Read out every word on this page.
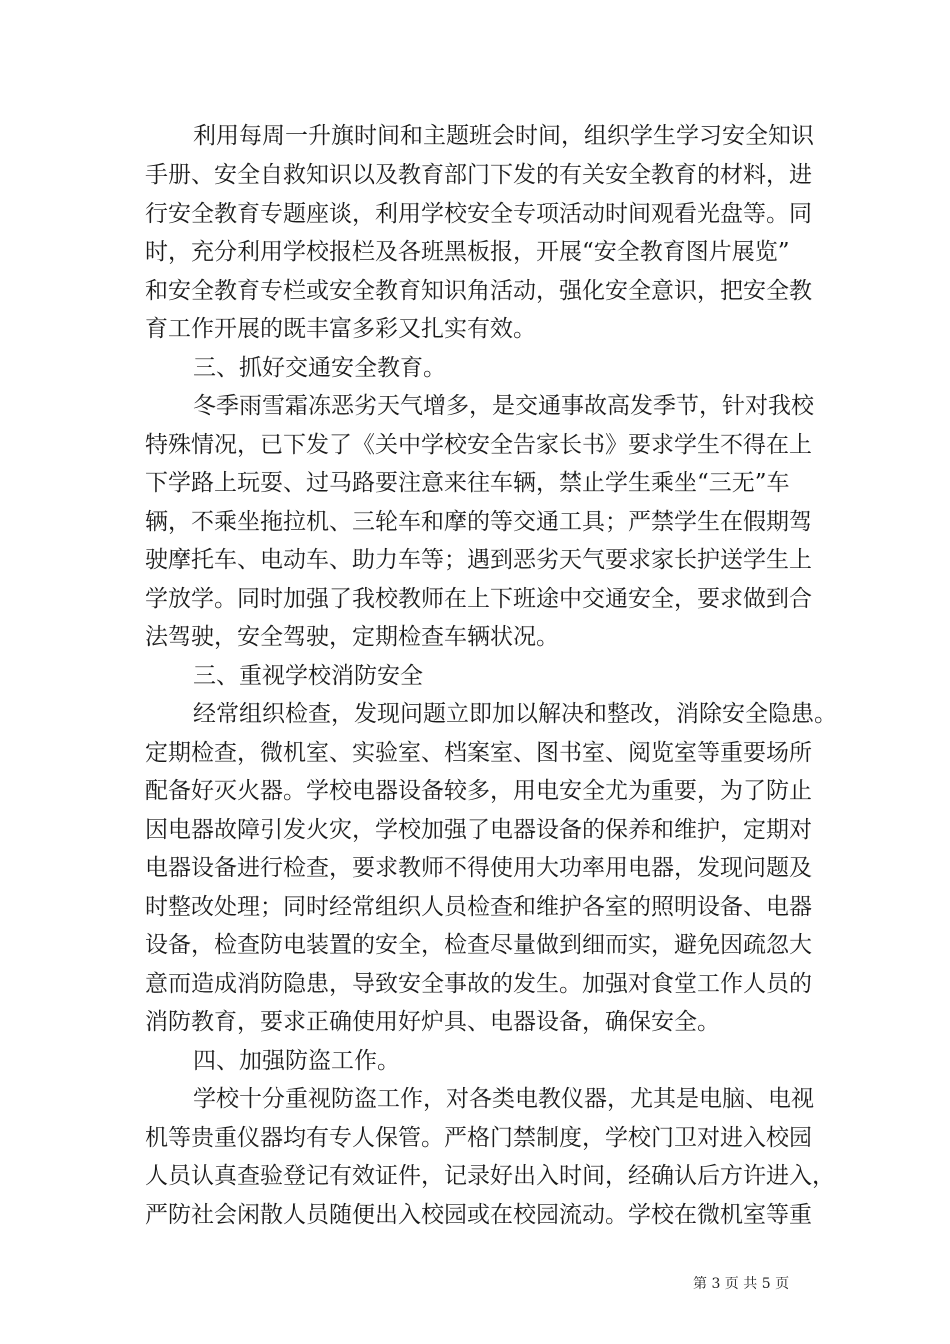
利用每周一升旗时间和主题班会时间，组织学生学习安全知识
手册、安全自救知识以及教育部门下发的有关安全教育的材料，进
行安全教育专题座谈，利用学校安全专项活动时间观看光盘等。同
时，充分利用学校报栏及各班黑板报，开展“安全教育图片展览”
和安全教育专栏或安全教育知识角活动，强化安全意识，把安全教
育工作开展的既丰富多彩又扎实有效。
三、抓好交通安全教育。
冬季雨雪霜冻恶劣天气增多，是交通事故高发季节，针对我校
特殊情况，已下发了《关中学校安全告家长书》要求学生不得在上
下学路上玩耍、过马路要注意来往车辆，禁止学生乘坐“三无”车
辆，不乘坐拖拉机、三轮车和摩的等交通工具；严禁学生在假期驾
驶摩托车、电动车、助力车等；遇到恶劣天气要求家长护送学生上
学放学。同时加强了我校教师在上下班途中交通安全，要求做到合
法驾驶，安全驾驶，定期检查车辆状况。
三、重视学校消防安全
经常组织检查，发现问题立即加以解决和整改，消除安全隐患。
定期检查，微机室、实验室、档案室、图书室、阅览室等重要场所
配备好灭火器。学校电器设备较多，用电安全尤为重要，为了防止
因电器故障引发火灾，学校加强了电器设备的保养和维护，定期对
电器设备进行检查，要求教师不得使用大功率用电器，发现问题及
时整改处理；同时经常组织人员检查和维护各室的照明设备、电器
设备，检查防电装置的安全，检查尽量做到细而实，避免因疏忽大
意而造成消防隐患，导致安全事故的发生。加强对食堂工作人员的
消防教育，要求正确使用好炉具、电器设备，确保安全。
四、加强防盗工作。
学校十分重视防盗工作，对各类电教仪器，尤其是电脑、电视
机等贵重仪器均有专人保管。严格门禁制度，学校门卫对进入校园
人员认真查验登记有效证件，记录好出入时间，经确认后方许进入，
严防社会闲散人员随便出入校园或在校园流动。学校在微机室等重
第 3 页 共 5 页
